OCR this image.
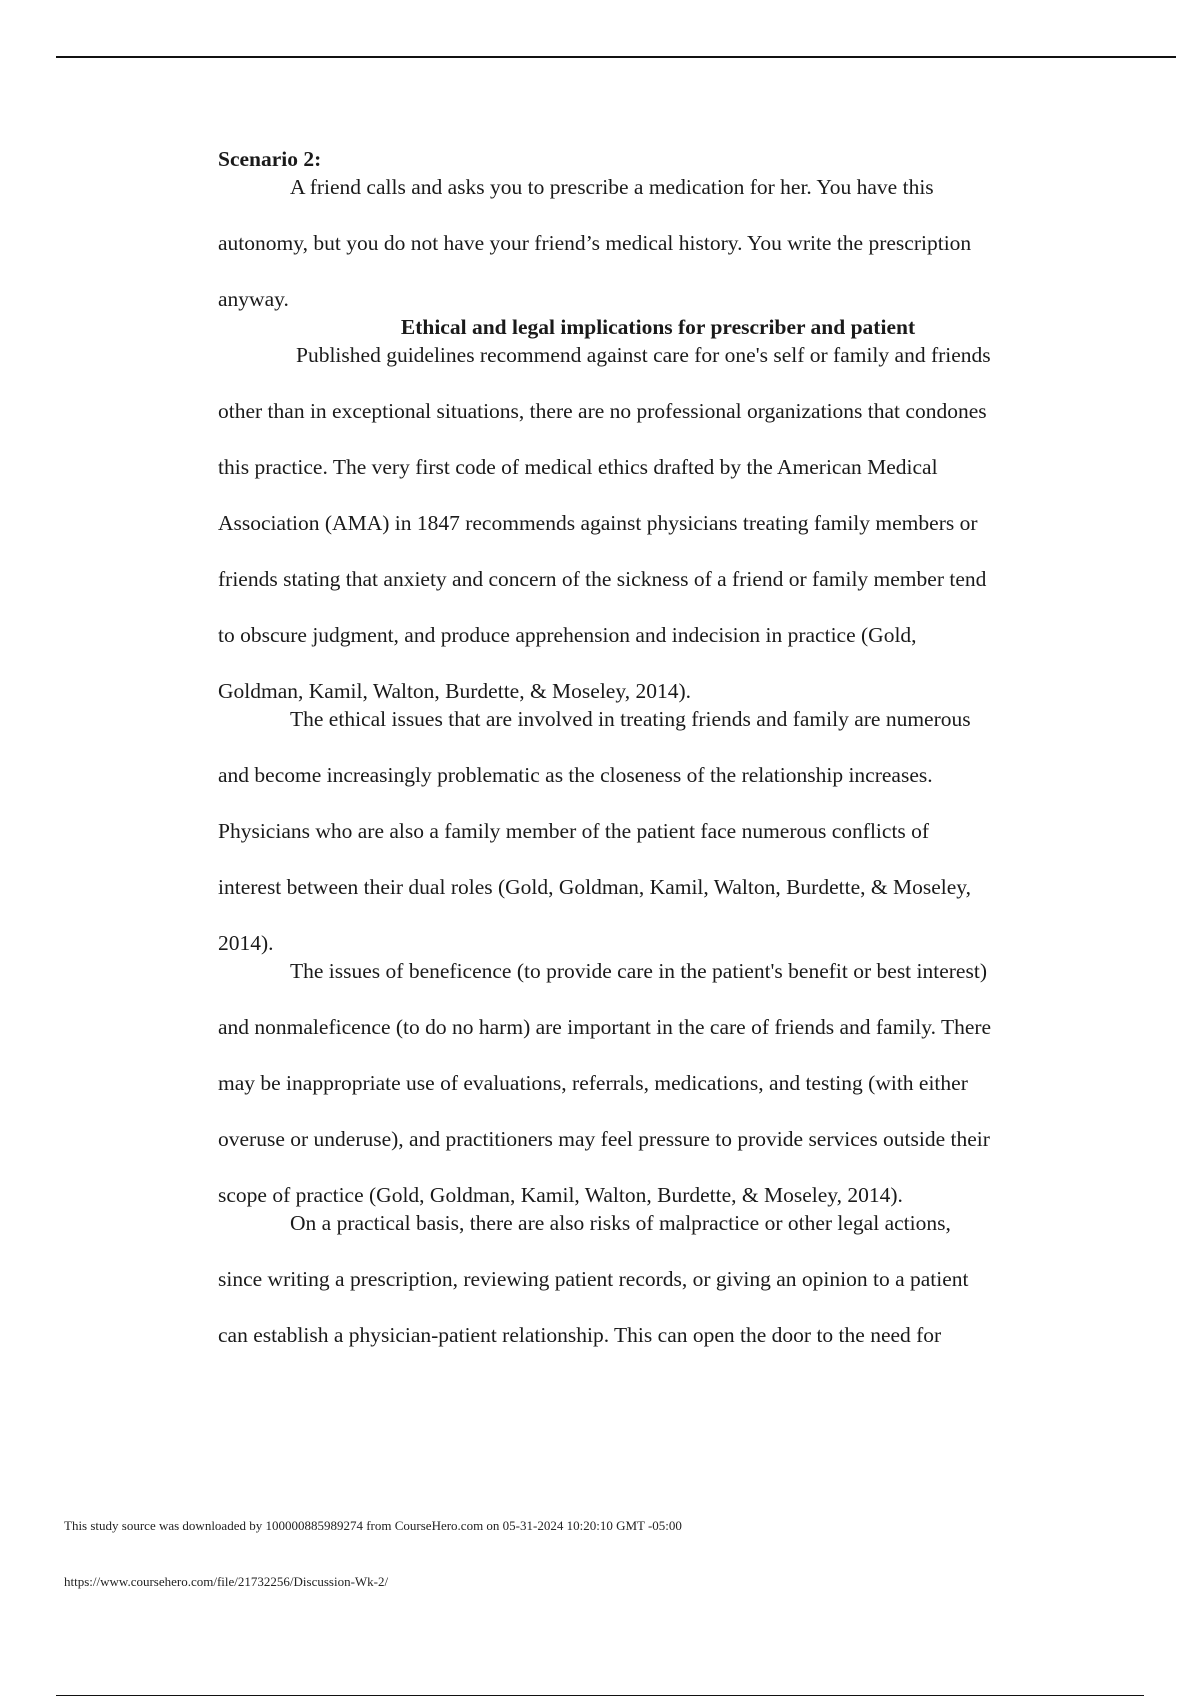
Scenario 2:
A friend calls and asks you to prescribe a medication for her. You have this
autonomy, but you do not have your friend’s medical history. You write the prescription
anyway.
Ethical and legal implications for prescriber and patient
Published guidelines recommend against care for one's self or family and friends
other than in exceptional situations, there are no professional organizations that condones
this practice. The very first code of medical ethics drafted by the American Medical
Association (AMA) in 1847 recommends against physicians treating family members or
friends stating that anxiety and concern of the sickness of a friend or family member tend
to obscure judgment, and produce apprehension and indecision in practice (Gold,
Goldman, Kamil, Walton, Burdette, & Moseley, 2014).
The ethical issues that are involved in treating friends and family are numerous
and become increasingly problematic as the closeness of the relationship increases.
Physicians who are also a family member of the patient face numerous conflicts of
interest between their dual roles (Gold, Goldman, Kamil, Walton, Burdette, & Moseley,
2014).
The issues of beneficence (to provide care in the patient's benefit or best interest)
and nonmaleficence (to do no harm) are important in the care of friends and family. There
may be inappropriate use of evaluations, referrals, medications, and testing (with either
overuse or underuse), and practitioners may feel pressure to provide services outside their
scope of practice (Gold, Goldman, Kamil, Walton, Burdette, & Moseley, 2014).
On a practical basis, there are also risks of malpractice or other legal actions,
since writing a prescription, reviewing patient records, or giving an opinion to a patient
can establish a physician-patient relationship. This can open the door to the need for
This study source was downloaded by 100000885989274 from CourseHero.com on 05-31-2024 10:20:10 GMT -05:00
https://www.coursehero.com/file/21732256/Discussion-Wk-2/
